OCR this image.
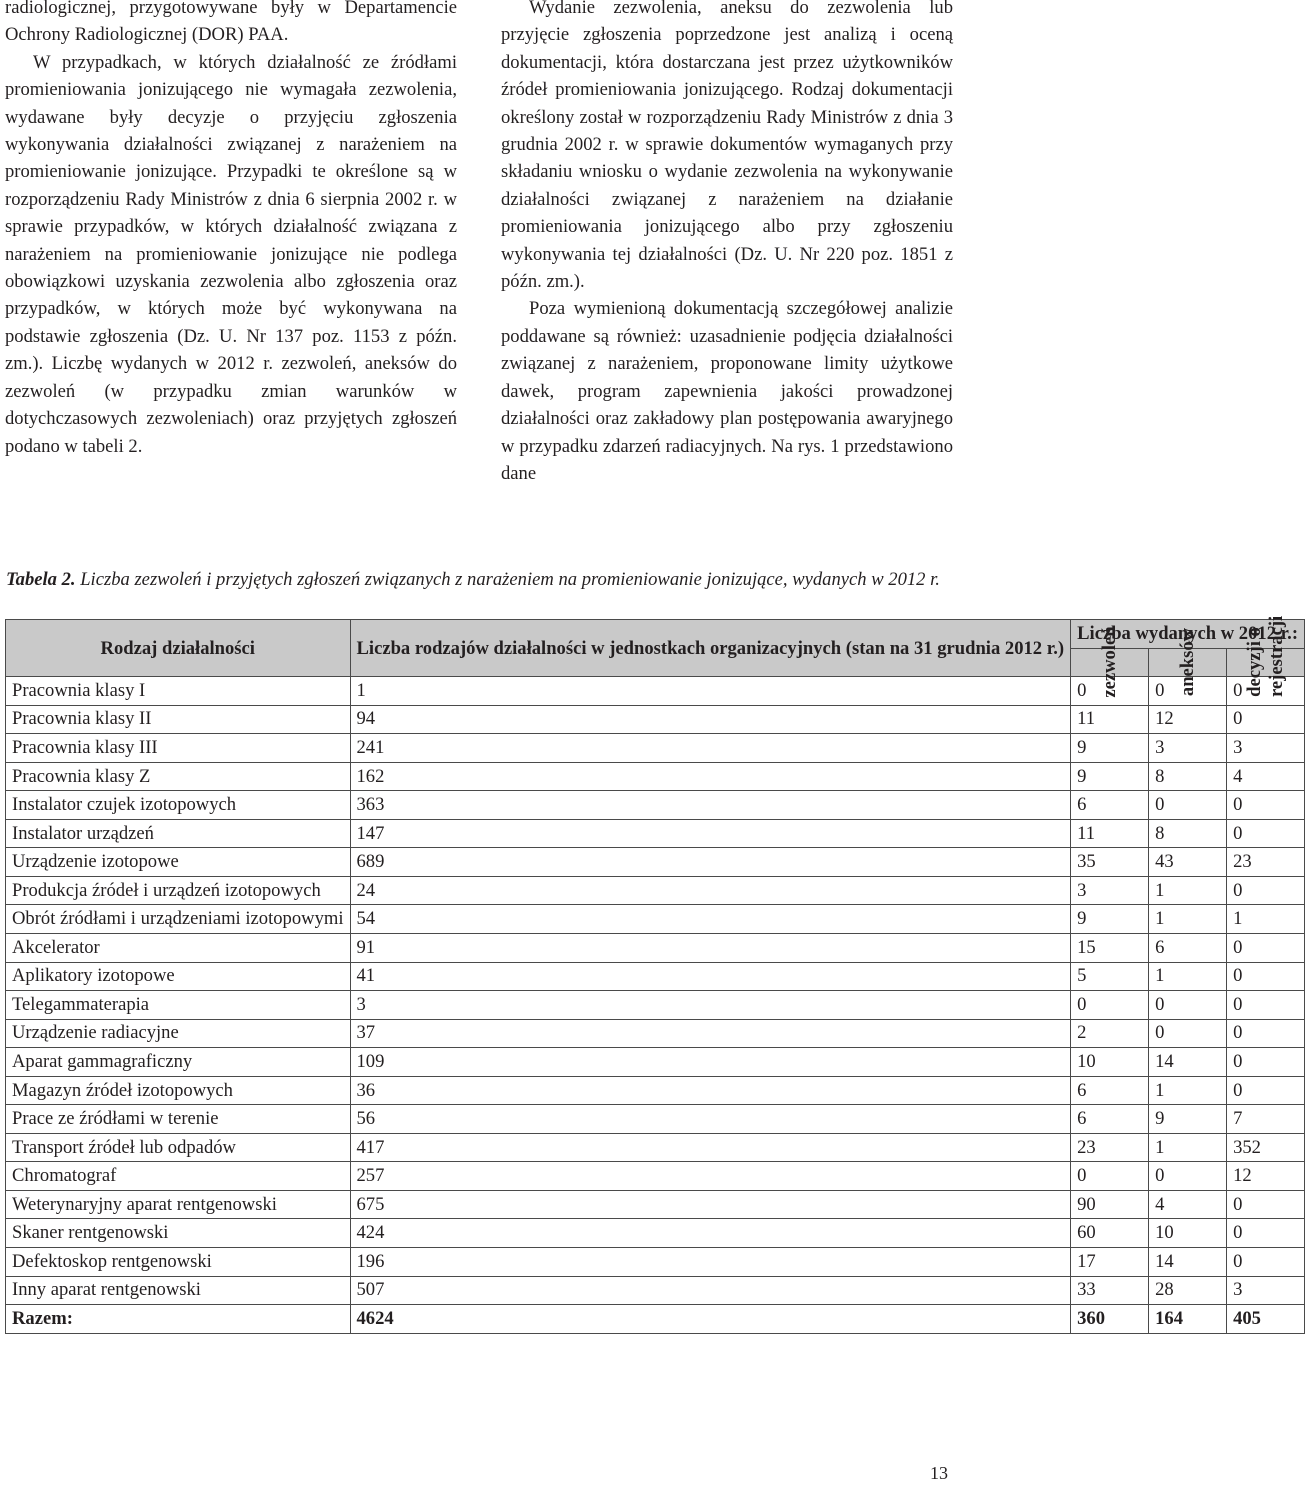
radiologicznej, przygotowywane były w Departamencie Ochrony Radiologicznej (DOR) PAA.

W przypadkach, w których działalność ze źródłami promieniowania jonizującego nie wymagała zezwolenia, wydawane były decyzje o przyjęciu zgłoszenia wykonywania działalności związanej z narażeniem na promieniowanie jonizujące. Przypadki te określone są w rozporządzeniu Rady Ministrów z dnia 6 sierpnia 2002 r. w sprawie przypadków, w których działalność związana z narażeniem na promieniowanie jonizujące nie podlega obowiązkowi uzyskania zezwolenia albo zgłoszenia oraz przypadków, w których może być wykonywana na podstawie zgłoszenia (Dz. U. Nr 137 poz. 1153 z późn. zm.). Liczbę wydanych w 2012 r. zezwoleń, aneksów do zezwoleń (w przypadku zmian warunków w dotychczasowych zezwoleniach) oraz przyjętych zgłoszeń podano w tabeli 2.

Wydanie zezwolenia, aneksu do zezwolenia lub przyjęcie zgłoszenia poprzedzone jest analizą i oceną dokumentacji, która dostarczana jest przez użytkowników źródeł promieniowania jonizującego. Rodzaj dokumentacji określony został w rozporządzeniu Rady Ministrów z dnia 3 grudnia 2002 r. w sprawie dokumentów wymaganych przy składaniu wniosku o wydanie zezwolenia na wykonywanie działalności związanej z narażeniem na działanie promieniowania jonizującego albo przy zgłoszeniu wykonywania tej działalności (Dz. U. Nr 220 poz. 1851 z późn. zm.).

Poza wymienioną dokumentacją szczegółowej analizie poddawane są również: uzasadnienie podjęcia działalności związanej z narażeniem, proponowane limity użytkowe dawek, program zapewnienia jakości prowadzonej działalności oraz zakładowy plan postępowania awaryjnego w przypadku zdarzeń radiacyjnych. Na rys. 1 przedstawiono dane

Tabela 2. Liczba zezwoleń i przyjętych zgłoszeń związanych z narażeniem na promieniowanie jonizujące, wydanych w 2012 r.
Rodzaj działalności	Liczba rodzajów działalności w jednostkach organizacyjnych (stan na 31 grudnia 2012 r.)	Liczba wydanych w 2012 r.:		

		zezwoleń	aneksów	decyzji o rejestracji

Pracownia klasy I	1	0	0	0
Pracownia klasy II	94	11	12	0
Pracownia klasy III	241	9	3	3
Pracownia klasy Z	162	9	8	4
Instalator czujek izotopowych	363	6	0	0
Instalator urządzeń	147	11	8	0
Urządzenie izotopowe	689	35	43	23
Produkcja źródeł i urządzeń izotopowych	24	3	1	0
Obrót źródłami i urządzeniami izotopowymi	54	9	1	1
Akcelerator	91	15	6	0
Aplikatory izotopowe	41	5	1	0
Telegammaterapia	3	0	0	0
Urządzenie radiacyjne	37	2	0	0
Aparat gammagraficzny	109	10	14	0
Magazyn źródeł izotopowych	36	6	1	0
Prace ze źródłami w terenie	56	6	9	7
Transport źródeł lub odpadów	417	23	1	352
Chromatograf	257	0	0	12
Weterynaryjny aparat rentgenowski	675	90	4	0
Skaner rentgenowski	424	60	10	0
Defektoskop rentgenowski	196	17	14	0
Inny aparat rentgenowski	507	33	28	3
Razem:	4624	360	164	405
13
